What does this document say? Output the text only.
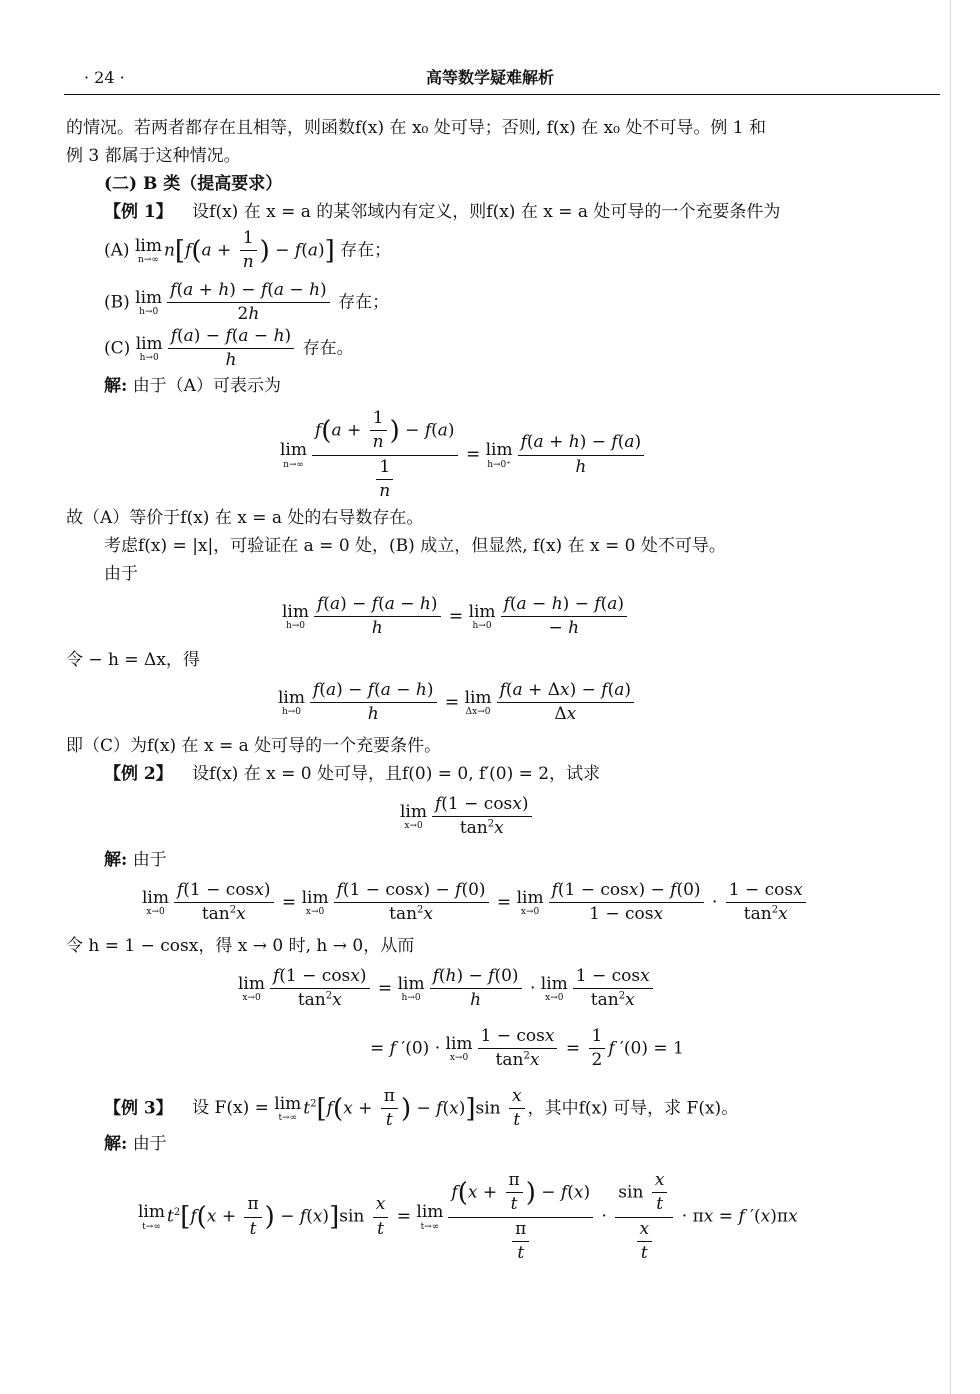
· 24 ·	高等数学疑难解析
的情况。若两者都存在且相等，则函数f(x) 在 x₀ 处可导；否则, f(x) 在 x₀ 处不可导。例 1 和
例 3 都属于这种情况。
(二) B 类（提高要求）
【例 1】 设f(x) 在 x = a 的某邻域内有定义，则f(x) 在 x = a 处可导的一个充要条件为
(A) lim
n→∞
$n[f(a + \frac{1}{n}$ ) − f(a)] 存在；
(B) lim
$h\to 0 \frac{f(a + h) - f(a - h)}{2h}$ 存在；
(C) lim
$h\to 0 \frac{f(a) - f(a - h)}{h}$ 存在。
解: 由于（A）可表示为
lim
$n\to\infty \frac{f(a + \frac{1}{n} ) - f(a)}{\frac{1}{n}} = \lim$
$h\to 0^+ \frac{f(a + h) - f(a)}{h}$
故（A）等价于f(x) 在 x = a 处的右导数存在。
考虑f(x) = |x|，可验证在 a = 0 处，(B) 成立，但显然, f(x) 在 x = 0 处不可导。
由于
lim
$h\to 0 \frac{f(a) - f(a - h)}{h} = \lim$
$h\to 0 \frac{f(a - h) - f(a)}{- h}$
令 − h = Δx，得
lim
$h\to 0 \frac{f(a) - f(a - h)}{h} = \lim$
$\Delta x\to 0 \frac{f(a + \Delta x) - f(a)}{\Delta x}$
即（C）为f(x) 在 x = a 处可导的一个充要条件。
【例 2】 设f(x) 在 x = 0 处可导，且f(0) = 0, f′(0) = 2，试求
lim
$x\to 0 \frac{f(1 - \cos x)}{\tan^2x}$
解: 由于
lim
$x\to 0 \frac{f(1 - \cos x)}{\tan^2x} = \lim$
$x\to 0 \frac{f(1 - \cos x) - f(0)}{\tan^2x} = \lim$
$x\to 0 \frac{f(1 - \cos x) - f(0)}{1 - \cos x} \cdot \frac{1 - \cos x}{\tan^2x}$
令 h = 1 − cosx，得 x → 0 时, h → 0，从而
lim
$x\to 0 \frac{f(1 - \cos x)}{\tan^2x} = \lim$
$h\to 0 \frac{f(h) - f(0)}{h} \cdot \lim$
$x\to 0 \frac{1 - \cos x}{\tan^2x}$
= f ′(0) · lim
$x\to 0 \frac{1 - \cos x}{\tan^2x} = \frac{1}{2}$ f ′(0) = 1
【例 3】 设 F(x) = lim
t→∞
$t^2[f(x + \frac{\pi}{t}$ ) − $f(x)]\sin \frac{x}{t}$ ，其中f(x) 可导，求 F(x)。
解: 由于
lim
t→∞
$t^2[f(x + \frac{\pi}{t}$ ) − $f(x)]\sin \frac{x}{t} = \lim$
$t\to\infty \frac{f(x + \frac{\pi}{t} ) - f(x)}{\frac{\pi}{t}} \cdot \frac{\sin \frac{x}{t}}{\frac{x}{t}} \cdot \pi x = f$ ′(x)πx
